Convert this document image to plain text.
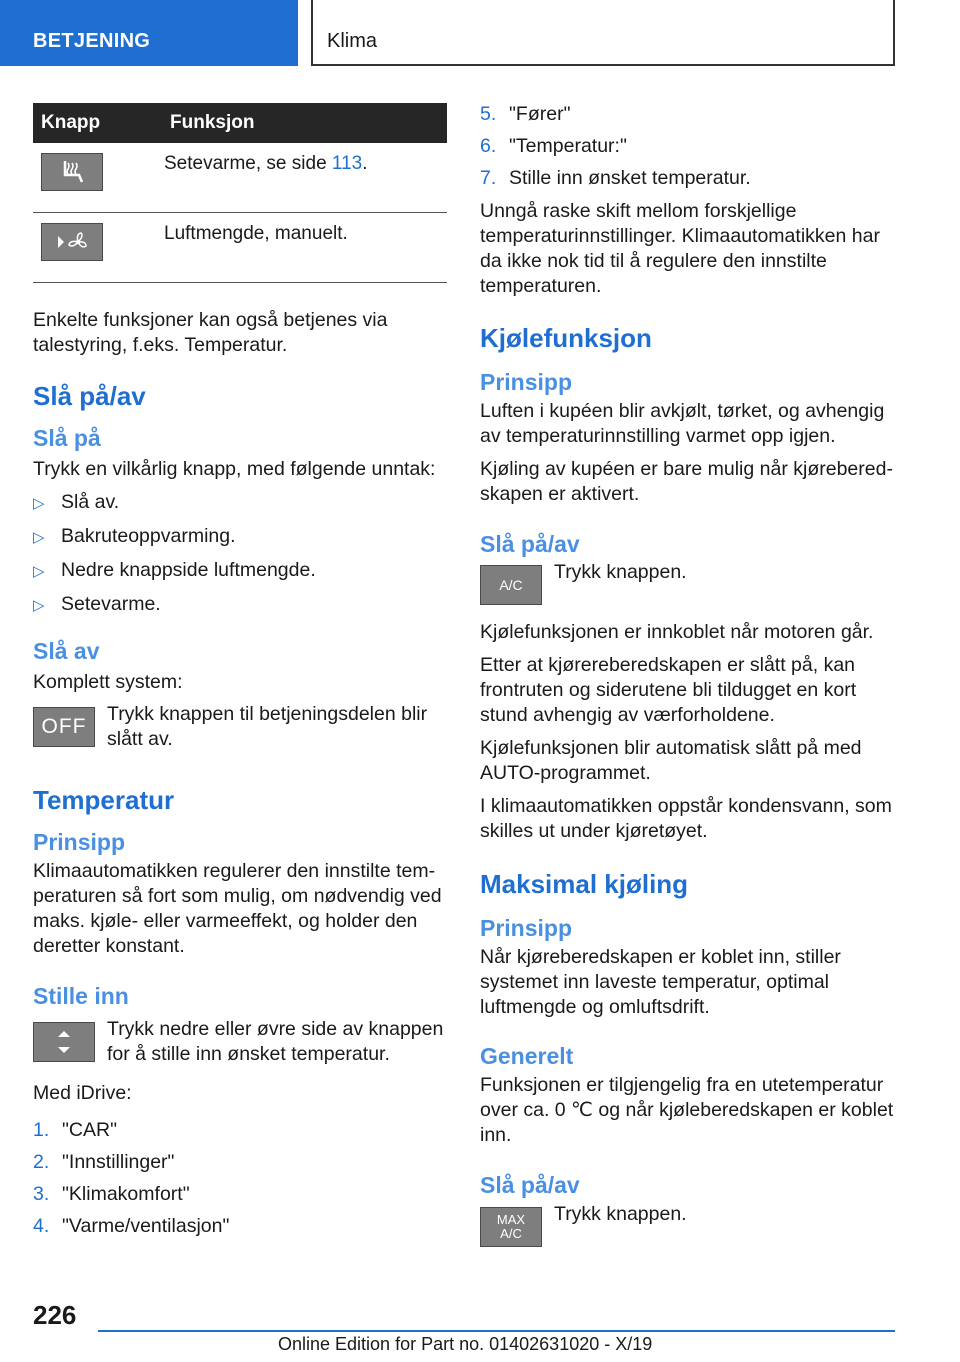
BETJENING	Klima
Knapp	Funksjon

	Setevarme, se side 113.

	Luftmengde, manuelt.

Enkelte funksjoner kan også betjenes via talestyring, f.eks. Temperatur.

Slå på/av
Slå på

Trykk en vilkårlig knapp, med følgende unntak:

▷ Slå av.
▷ Bakruteoppvarming.
▷ Nedre knappside luftmengde.
▷ Setevarme.
Slå av

Komplett system:

OFF

Trykk knappen til betjeningsdelen blir slått av.

Temperatur
Prinsipp

Klimaautomatikken regulerer den innstilte temperaturen så fort som mulig, om nødvendig ved maks. kjøle- eller varmeeffekt, og holder den deretter konstant.

Stille inn

Trykk nedre eller øvre side av knappen for å stille inn ønsket temperatur.

Med iDrive:

1. "CAR"
2. "Innstillinger"
3. "Klimakomfort"
4. "Varme/ventilasjon"
5. "Fører"
6. "Temperatur:"
7. Stille inn ønsket temperatur.

Unngå raske skift mellom forskjellige temperaturinnstillinger. Klimaautomatikken har da ikke nok tid til å regulere den innstilte temperaturen.

Kjølefunksjon
Prinsipp

Luften i kupéen blir avkjølt, tørket, og avhengig av temperaturinnstilling varmet opp igjen.

Kjøling av kupéen er bare mulig når kjøreberedskapen er aktivert.

Slå på/av
A/C

Trykk knappen.

Kjølefunksjonen er innkoblet når motoren går.

Etter at kjørereberedskapen er slått på, kan frontruten og siderutene bli tildugget en kort stund avhengig av værforholdene.

Kjølefunksjonen blir automatisk slått på med AUTO-programmet.

I klimaautomatikken oppstår kondensvann, som skilles ut under kjøretøyet.

Maksimal kjøling
Prinsipp

Når kjøreberedskapen er koblet inn, stiller systemet inn laveste temperatur, optimal luftmengde og omluftsdrift.

Generelt

Funksjonen er tilgjengelig fra en utetemperatur over ca. 0 ℃ og når kjøleberedskapen er koblet inn.

Slå på/av
MAX
A/C

Trykk knappen.

226
Online Edition for Part no. 01402631020 - X/19
